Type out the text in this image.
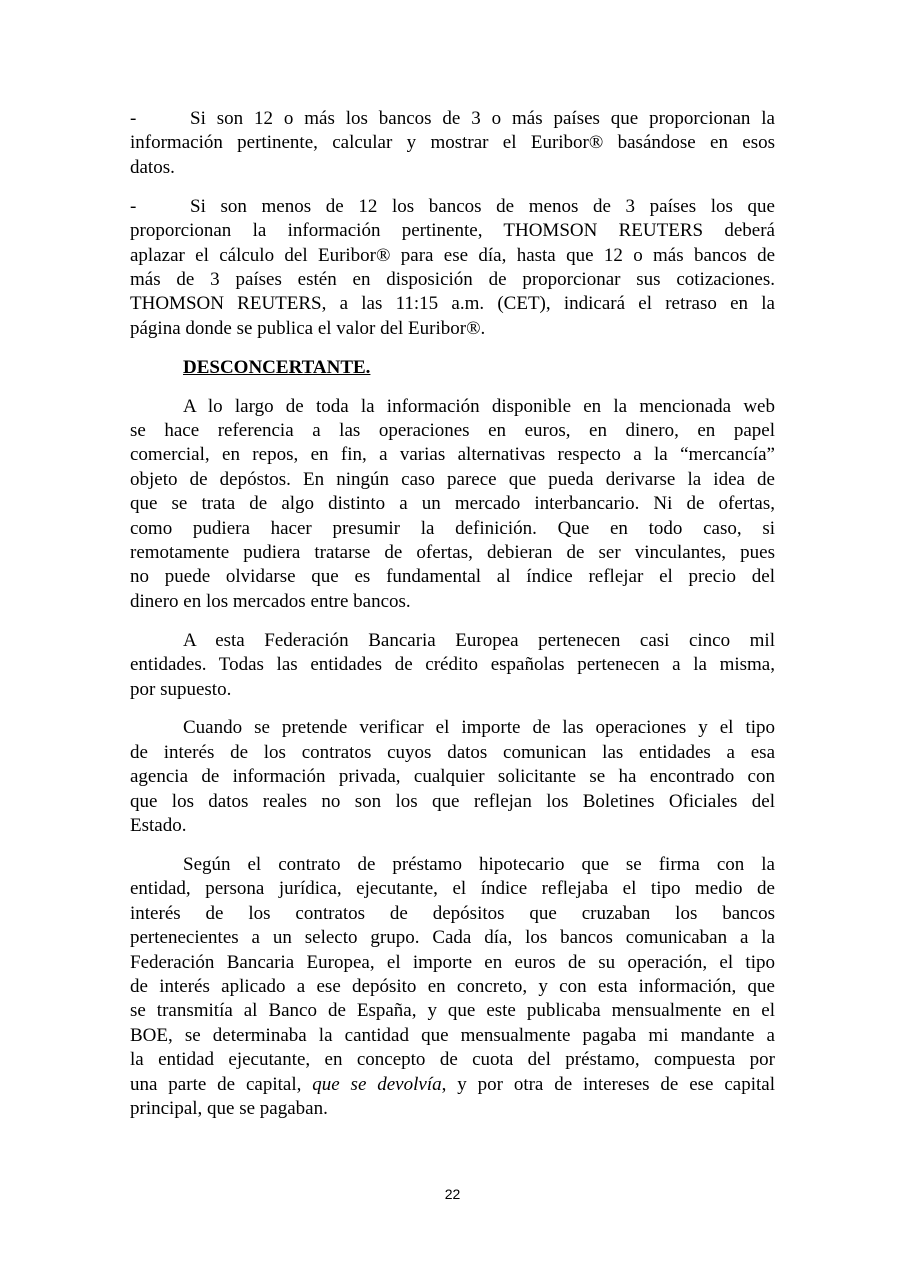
-	Si son 12 o más los bancos de 3 o más países que proporcionan la
información pertinente, calcular y mostrar el Euribor® basándose en esos
datos.
-	Si son menos de 12 los bancos de menos de 3 países los que
proporcionan la información pertinente, THOMSON REUTERS deberá
aplazar el cálculo del Euribor® para ese día, hasta que 12 o más bancos de
más de 3 países estén en disposición de proporcionar sus cotizaciones.
THOMSON REUTERS, a las 11:15 a.m. (CET), indicará el retraso en la
página donde se publica el valor del Euribor®.
DESCONCERTANTE.
A lo largo de toda la información disponible en la mencionada web
se hace referencia a las operaciones en euros, en dinero, en papel
comercial, en repos, en fin, a varias alternativas respecto a la “mercancía”
objeto de depóstos. En ningún caso parece que pueda derivarse la idea de
que se trata de algo distinto a un mercado interbancario. Ni de ofertas,
como pudiera hacer presumir la definición. Que en todo caso, si
remotamente pudiera tratarse de ofertas, debieran de ser vinculantes, pues
no puede olvidarse que es fundamental al índice reflejar el precio del
dinero en los mercados entre bancos.
A esta Federación Bancaria Europea pertenecen casi cinco mil
entidades. Todas las entidades de crédito españolas pertenecen a la misma,
por supuesto.
Cuando se pretende verificar el importe de las operaciones y el tipo
de interés de los contratos cuyos datos comunican las entidades a esa
agencia de información privada, cualquier solicitante se ha encontrado con
que los datos reales no son los que reflejan los Boletines Oficiales del
Estado.
Según el contrato de préstamo hipotecario que se firma con la
entidad, persona jurídica, ejecutante, el índice reflejaba el tipo medio de
interés de los contratos de depósitos que cruzaban los bancos
pertenecientes a un selecto grupo. Cada día, los bancos comunicaban a la
Federación Bancaria Europea, el importe en euros de su operación, el tipo
de interés aplicado a ese depósito en concreto, y con esta información, que
se transmitía al Banco de España, y que este publicaba mensualmente en el
BOE, se determinaba la cantidad que mensualmente pagaba mi mandante a
la entidad ejecutante, en concepto de cuota del préstamo, compuesta por
una parte de capital, que se devolvía, y por otra de intereses de ese capital
principal, que se pagaban.
22
